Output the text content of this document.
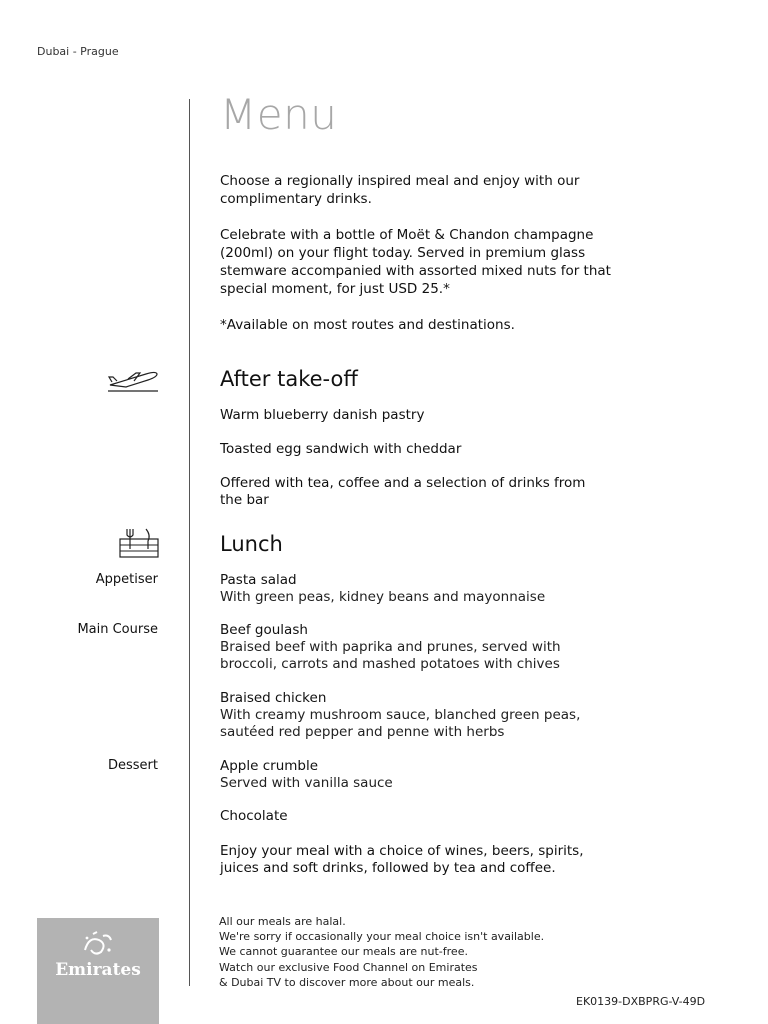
Dubai - Prague
Menu

Choose a regionally inspired meal and enjoy with our

complimentary drinks.

Celebrate with a bottle of Moët & Chandon champagne

(200ml) on your flight today. Served in premium glass

stemware accompanied with assorted mixed nuts for that

special moment, for just USD 25.*

*Available on most routes and destinations.

After take-off
Warm blueberry danish pastry
Toasted egg sandwich with cheddar
Offered with tea, coffee and a selection of drinks from
the bar
Lunch
Appetiser	Pasta salad
With green peas, kidney beans and mayonnaise
Main Course	Beef goulash
Braised beef with paprika and prunes, served with
broccoli, carrots and mashed potatoes with chives
Braised chicken
With creamy mushroom sauce, blanched green peas,
sautéed red pepper and penne with herbs
Dessert	Apple crumble
Served with vanilla sauce
Chocolate
Enjoy your meal with a choice of wines, beers, spirits,
juices and soft drinks, followed by tea and coffee.
Emirates
All our meals are halal.
We're sorry if occasionally your meal choice isn't available.
We cannot guarantee our meals are nut-free.
Watch our exclusive Food Channel on Emirates
& Dubai TV to discover more about our meals.
EK0139-DXBPRG-V-49D
